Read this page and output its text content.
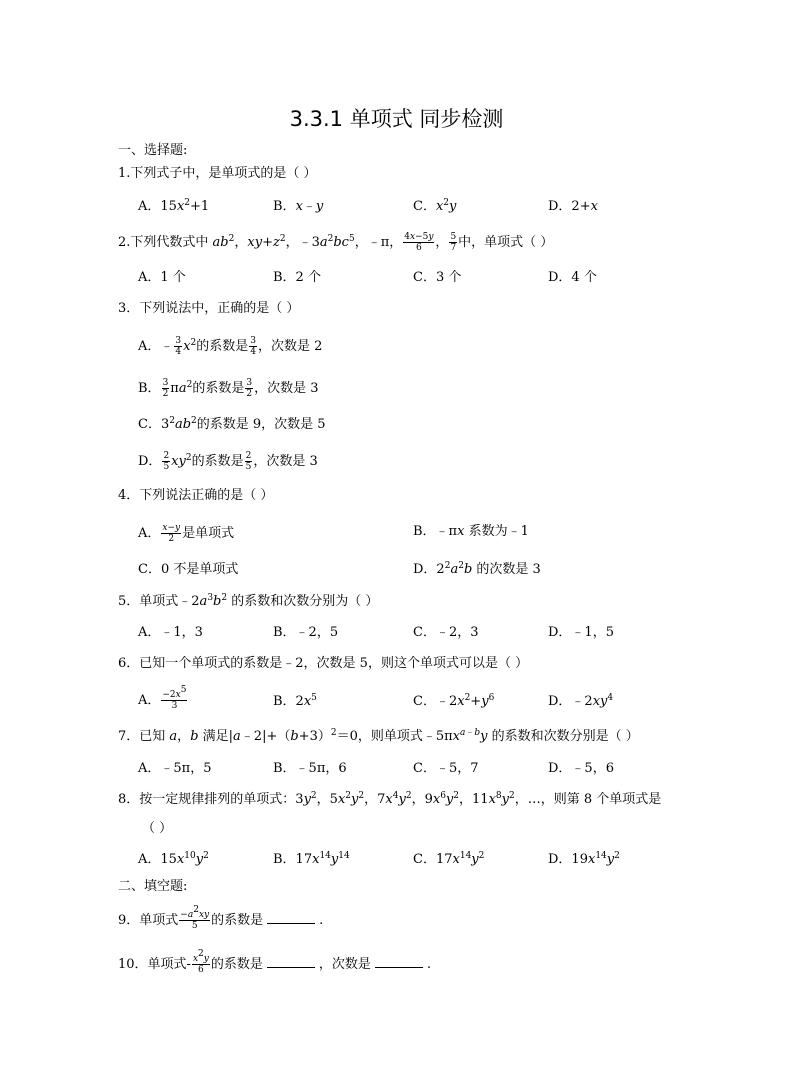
3.3.1 单项式 同步检测
一、选择题:
1.下列式子中，是单项式的是（ ）
A．$15x^2+1$	B．x﹣y	C．$x^2y$	D．2+x
2.下列代数式中 $ab^2$，$xy+z^2$，$﹣3a^2bc^5$，﹣π， $\frac{4x-5y}{6}$ ， $\frac{5}{7}$ 中，单项式（ ）
A．1 个	B．2 个	C．3 个	D．4 个
3．下列说法中，正确的是（ ）
A．﹣ $\frac{3}{4} x^2$的系数是 $\frac{3}{4}$ ，次数是 2
B． $\frac{3}{2} \pi a^2$的系数是 $\frac{3}{2}$ ，次数是 3
C．$3^2ab^2$的系数是 9，次数是 5
D． $\frac{2}{5} xy^2$的系数是 $\frac{2}{5}$ ，次数是 3
4．下列说法正确的是（ ）
A． $\frac{x-y}{2}$ 是单项式	B．﹣πx 系数为﹣1
C．0 不是单项式	D．$2^2a^2b$ 的次数是 3
5．单项式$﹣2a^3b^2$ 的系数和次数分别为（ ）
A．﹣1，3	B．﹣2，5	C．﹣2，3	D．﹣1，5
6．已知一个单项式的系数是﹣2，次数是 5，则这个单项式可以是（ ）
A． $\frac{-2x^5}{3}$	B．$2x^5$	C．$﹣2x^2+y^6$	D．$﹣2xy^4$
7．已知 a，b 满足$|a﹣2|+(b+3)^2=0$，则单项式$﹣5\pi x^{a﹣b}y$ 的系数和次数分别是（ ）
A．﹣5π，5	B．﹣5π，6	C．﹣5，7	D．﹣5，6
8．按一定规律排列的单项式：$3y^2$，$5x^2y^2$，$7x^4y^2$，$9x^6y^2$，$11x^8y^2$，…，则第 8 个单项式是
（ ）
A．$15x^{10}y^2$	B．$17x^{14}y^{14}$	C．$17x^{14}y^2$	D．$19x^{14}y^2$
二、填空题:
9．单项式 $\frac{-a^2xy}{5}$ 的系数是	.
10．单项式- $\frac{x^2y}{6}$ 的系数是	，次数是	.
